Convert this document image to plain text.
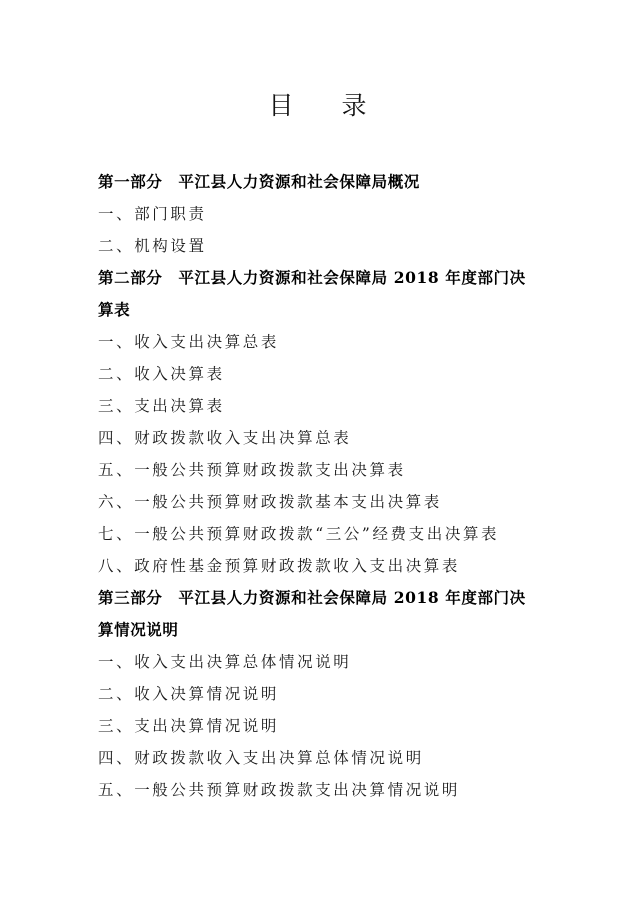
目 录
第一部分 平江县人力资源和社会保障局概况
一、部门职责
二、机构设置
第二部分 平江县人力资源和社会保障局 2018 年度部门决
算表
一、收入支出决算总表
二、收入决算表
三、支出决算表
四、财政拨款收入支出决算总表
五、一般公共预算财政拨款支出决算表
六、一般公共预算财政拨款基本支出决算表
七、一般公共预算财政拨款“三公”经费支出决算表
八、政府性基金预算财政拨款收入支出决算表
第三部分 平江县人力资源和社会保障局 2018 年度部门决
算情况说明
一、收入支出决算总体情况说明
二、收入决算情况说明
三、支出决算情况说明
四、财政拨款收入支出决算总体情况说明
五、一般公共预算财政拨款支出决算情况说明
